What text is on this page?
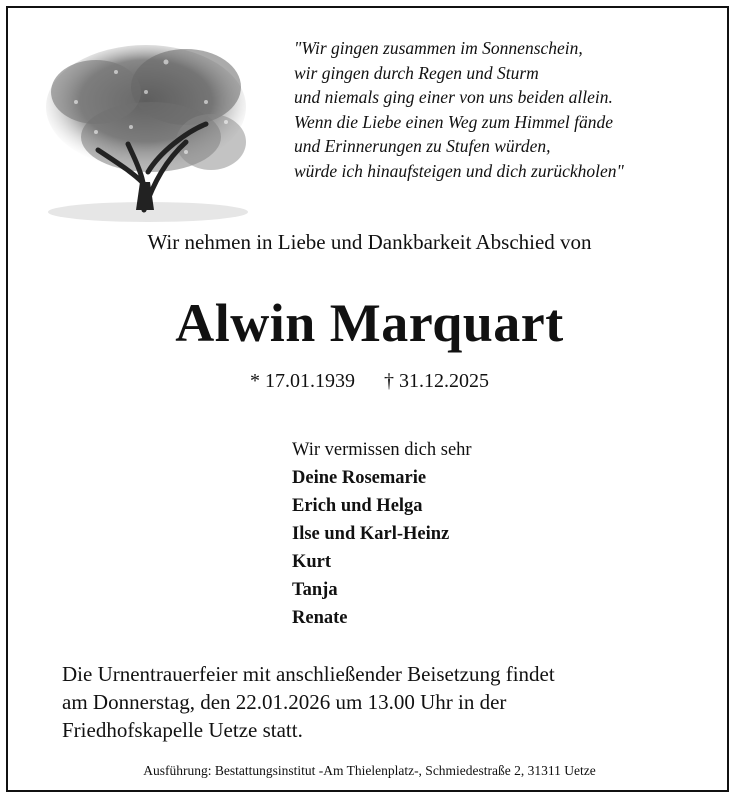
"Wir gingen zusammen im Sonnenschein,
wir gingen durch Regen und Sturm
und niemals ging einer von uns beiden allein.
Wenn die Liebe einen Weg zum Himmel fände
und Erinnerungen zu Stufen würden,
würde ich hinaufsteigen und dich zurückholen"
Wir nehmen in Liebe und Dankbarkeit Abschied von
Alwin Marquart
* 17.01.1939 † 31.12.2025
Wir vermissen dich sehr
Deine Rosemarie
Erich und Helga
Ilse und Karl-Heinz
Kurt
Tanja
Renate
Die Urnentrauerfeier mit anschließender Beisetzung findet
am Donnerstag, den 22.01.2026 um 13.00 Uhr in der
Friedhofskapelle Uetze statt.
Ausführung: Bestattungsinstitut -Am Thielenplatz-, Schmiedestraße 2, 31311 Uetze
